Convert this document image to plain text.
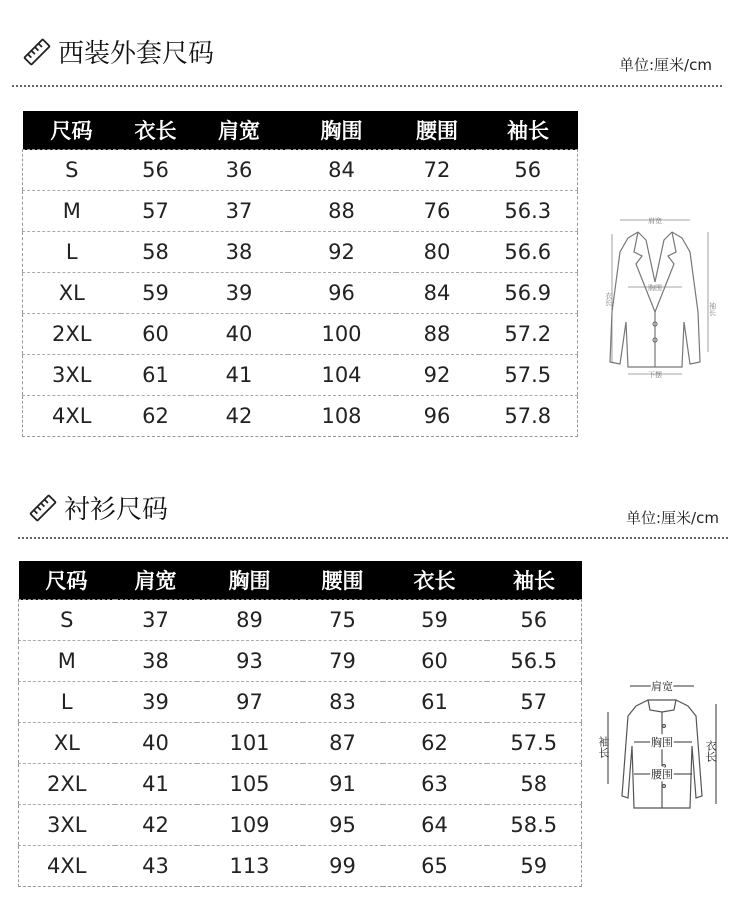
西装外套尺码	单位:厘米/cm
尺码	衣长	肩宽	胸围	腰围	袖长
S	56	36	84	72	56
M	57	37	88	76	56.3
L	58	38	92	80	56.6
XL	59	39	96	84	56.9
2XL	60	40	100	88	57.2
3XL	61	41	104	92	57.5
4XL	62	42	108	96	57.8
肩宽
衣长
袖长
下摆
胸围
衬衫尺码	单位:厘米/cm
尺码	肩宽	胸围	腰围	衣长	袖长
S	37	89	75	59	56
M	38	93	79	60	56.5
L	39	97	83	61	57
XL	40	101	87	62	57.5
2XL	41	105	91	63	58
3XL	42	109	95	64	58.5
4XL	43	113	99	65	59
肩宽
袖长	衣长
胸围
腰围
